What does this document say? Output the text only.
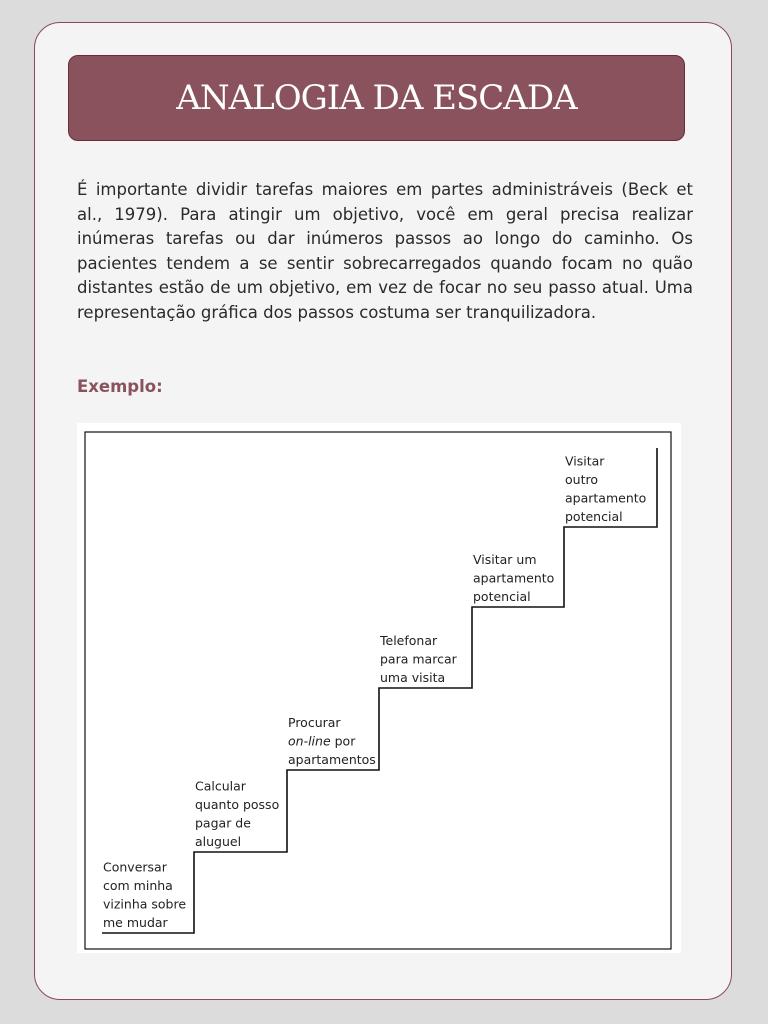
ANALOGIA DA ESCADA

É importante dividir tarefas maiores em partes administráveis (Beck et al., 1979). Para atingir um objetivo, você em geral precisa realizar inúmeras tarefas ou dar inúmeros passos ao longo do caminho. Os pacientes tendem a se sentir sobrecarregados quando focam no quão distantes estão de um objetivo, em vez de focar no seu passo atual. Uma representação gráfica dos passos costuma ser tranquilizadora.

Exemplo:

Conversar com minha vizinha sobre me mudar
Calcular quanto posso pagar de aluguel
Procurar on-line por apartamentos
Telefonar para marcar uma visita
Visitar um apartamento potencial
Visitar outro apartamento potencial
